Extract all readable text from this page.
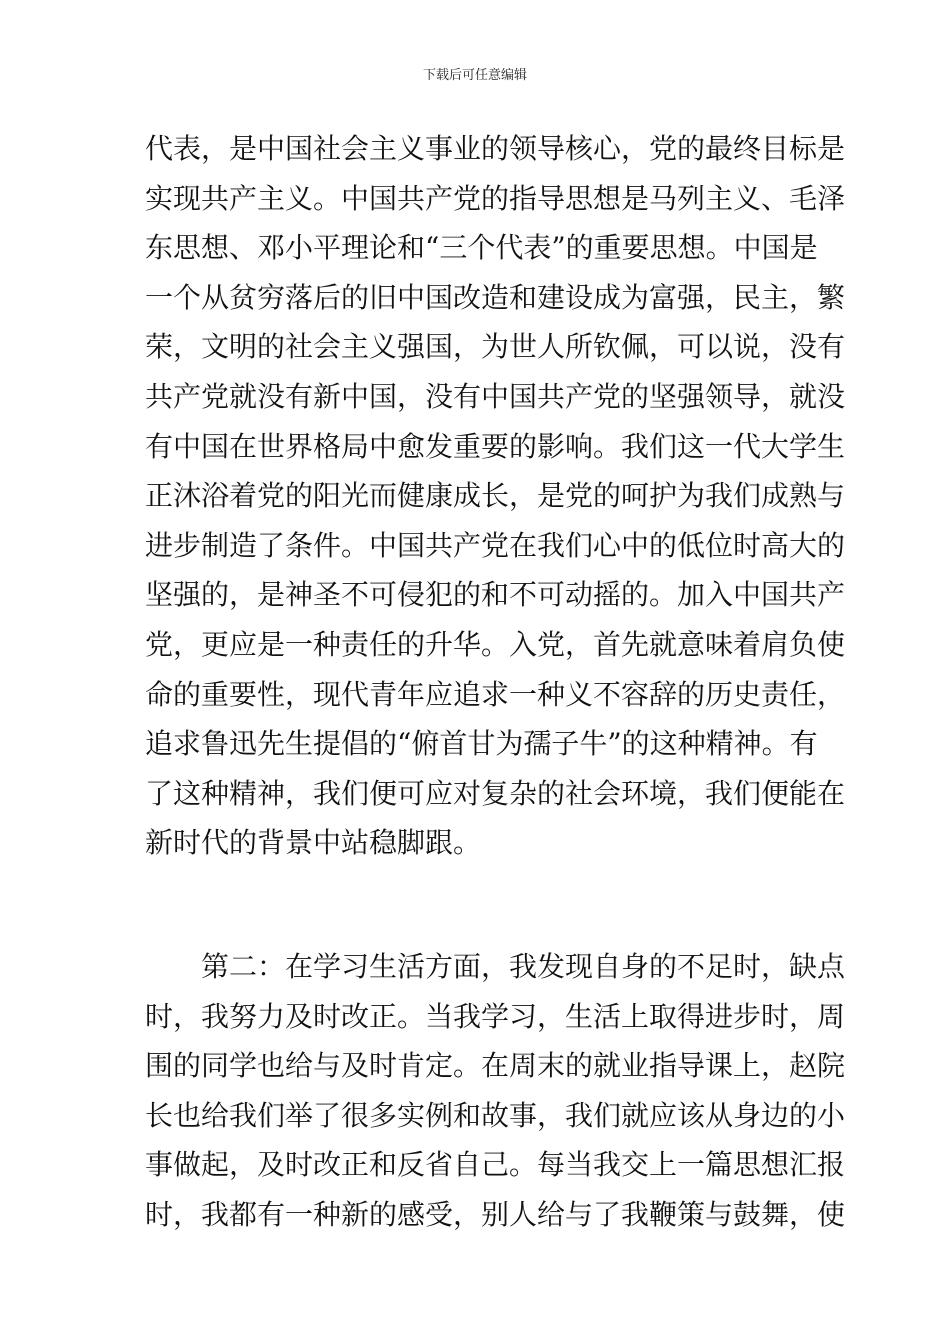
下载后可任意编辑
代表，是中国社会主义事业的领导核心，党的最终目标是
实现共产主义。中国共产党的指导思想是马列主义、毛泽
东思想、邓小平理论和“三个代表”的重要思想。中国是
一个从贫穷落后的旧中国改造和建设成为富强，民主，繁
荣，文明的社会主义强国，为世人所钦佩，可以说，没有
共产党就没有新中国，没有中国共产党的坚强领导，就没
有中国在世界格局中愈发重要的影响。我们这一代大学生
正沐浴着党的阳光而健康成长，是党的呵护为我们成熟与
进步制造了条件。中国共产党在我们心中的低位时高大的
坚强的，是神圣不可侵犯的和不可动摇的。加入中国共产
党，更应是一种责任的升华。入党，首先就意味着肩负使
命的重要性，现代青年应追求一种义不容辞的历史责任，
追求鲁迅先生提倡的“俯首甘为孺子牛”的这种精神。有
了这种精神，我们便可应对复杂的社会环境，我们便能在
新时代的背景中站稳脚跟。
第二：在学习生活方面，我发现自身的不足时，缺点
时，我努力及时改正。当我学习，生活上取得进步时，周
围的同学也给与及时肯定。在周末的就业指导课上，赵院
长也给我们举了很多实例和故事，我们就应该从身边的小
事做起，及时改正和反省自己。每当我交上一篇思想汇报
时，我都有一种新的感受，别人给与了我鞭策与鼓舞，使
